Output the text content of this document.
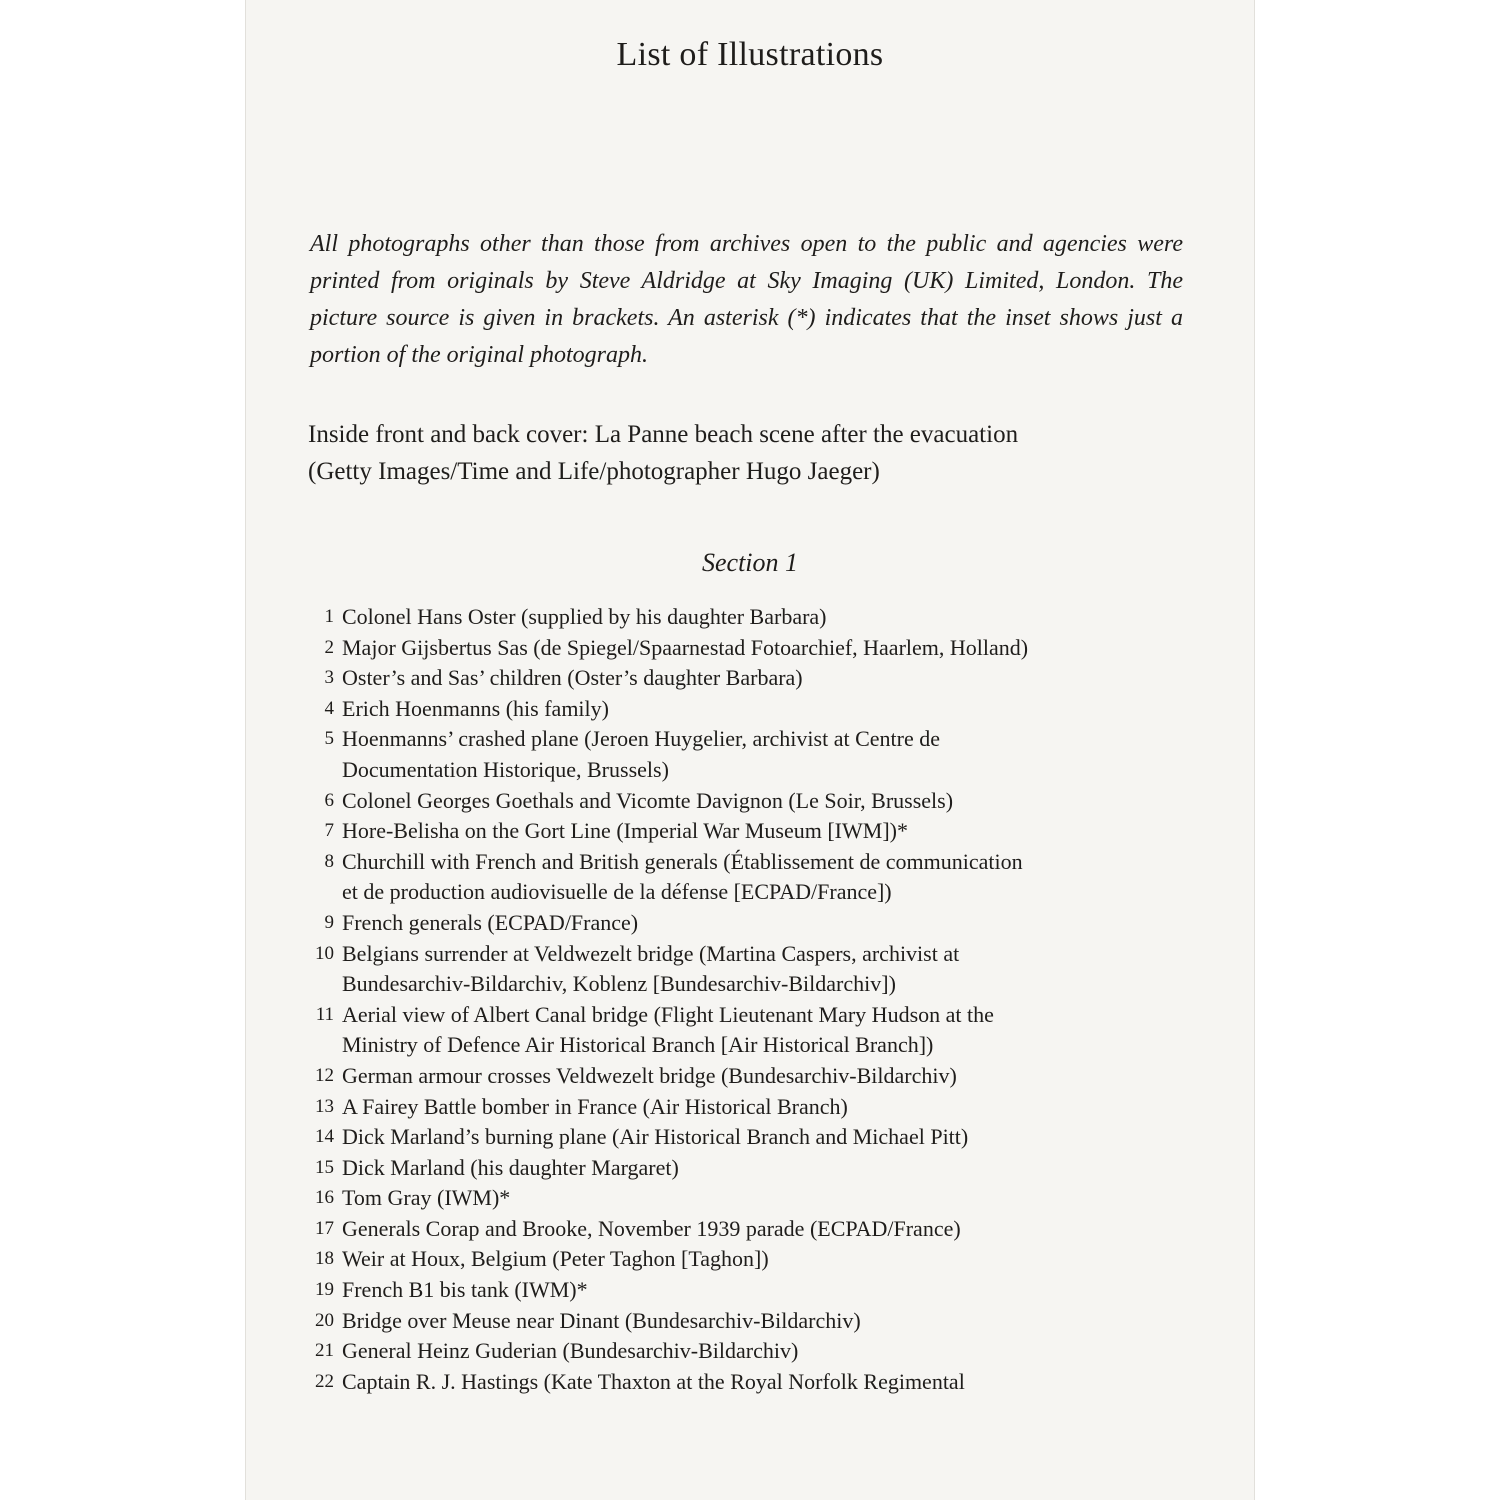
List of Illustrations

All photographs other than those from archives open to the public and agencies were printed from originals by Steve Aldridge at Sky Imaging (UK) Limited, London. The picture source is given in brackets. An asterisk (*) indicates that the inset shows just a portion of the original photograph.

Inside front and back cover: La Panne beach scene after the evacuation
(Getty Images/Time and Life/photographer Hugo Jaeger)

Section 1
1 Colonel Hans Oster (supplied by his daughter Barbara)
2 Major Gijsbertus Sas (de Spiegel/Spaarnestad Fotoarchief, Haarlem, Holland)
3 Oster’s and Sas’ children (Oster’s daughter Barbara)
4 Erich Hoenmanns (his family)
5 Hoenmanns’ crashed plane (Jeroen Huygelier, archivist at Centre de
Documentation Historique, Brussels)
6 Colonel Georges Goethals and Vicomte Davignon (Le Soir, Brussels)
7 Hore-Belisha on the Gort Line (Imperial War Museum [IWM])*
8 Churchill with French and British generals (Établissement de communication
et de production audiovisuelle de la défense [ECPAD/France])
9 French generals (ECPAD/France)
10 Belgians surrender at Veldwezelt bridge (Martina Caspers, archivist at
Bundesarchiv-Bildarchiv, Koblenz [Bundesarchiv-Bildarchiv])
11 Aerial view of Albert Canal bridge (Flight Lieutenant Mary Hudson at the
Ministry of Defence Air Historical Branch [Air Historical Branch])
12 German armour crosses Veldwezelt bridge (Bundesarchiv-Bildarchiv)
13 A Fairey Battle bomber in France (Air Historical Branch)
14 Dick Marland’s burning plane (Air Historical Branch and Michael Pitt)
15 Dick Marland (his daughter Margaret)
16 Tom Gray (IWM)*
17 Generals Corap and Brooke, November 1939 parade (ECPAD/France)
18 Weir at Houx, Belgium (Peter Taghon [Taghon])
19 French B1 bis tank (IWM)*
20 Bridge over Meuse near Dinant (Bundesarchiv-Bildarchiv)
21 General Heinz Guderian (Bundesarchiv-Bildarchiv)
22 Captain R. J. Hastings (Kate Thaxton at the Royal Norfolk Regimental
